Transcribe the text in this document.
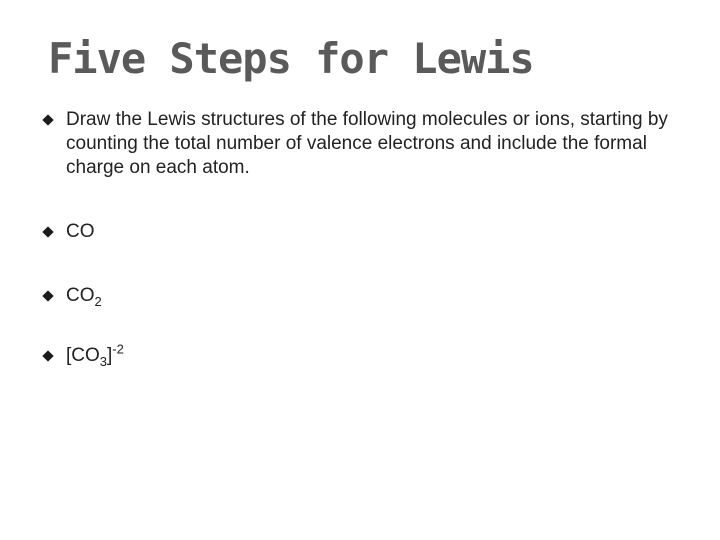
Five Steps for Lewis
Draw the Lewis structures of the following molecules or ions, starting by counting the total number of valence electrons and include the formal charge on each atom.
CO
$CO_2$
$[CO_3]^{-2}$
